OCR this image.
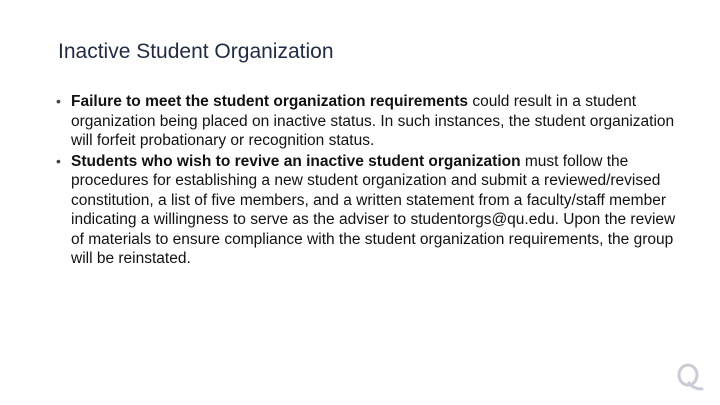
Inactive Student Organization
• Failure to meet the student organization requirements could result in a student organization being placed on inactive status. In such instances, the student organization will forfeit probationary or recognition status.
• Students who wish to revive an inactive student organization must follow the procedures for establishing a new student organization and submit a reviewed/revised constitution, a list of five members, and a written statement from a faculty/staff member indicating a willingness to serve as the adviser to studentorgs@qu.edu. Upon the review of materials to ensure compliance with the student organization requirements, the group will be reinstated.
